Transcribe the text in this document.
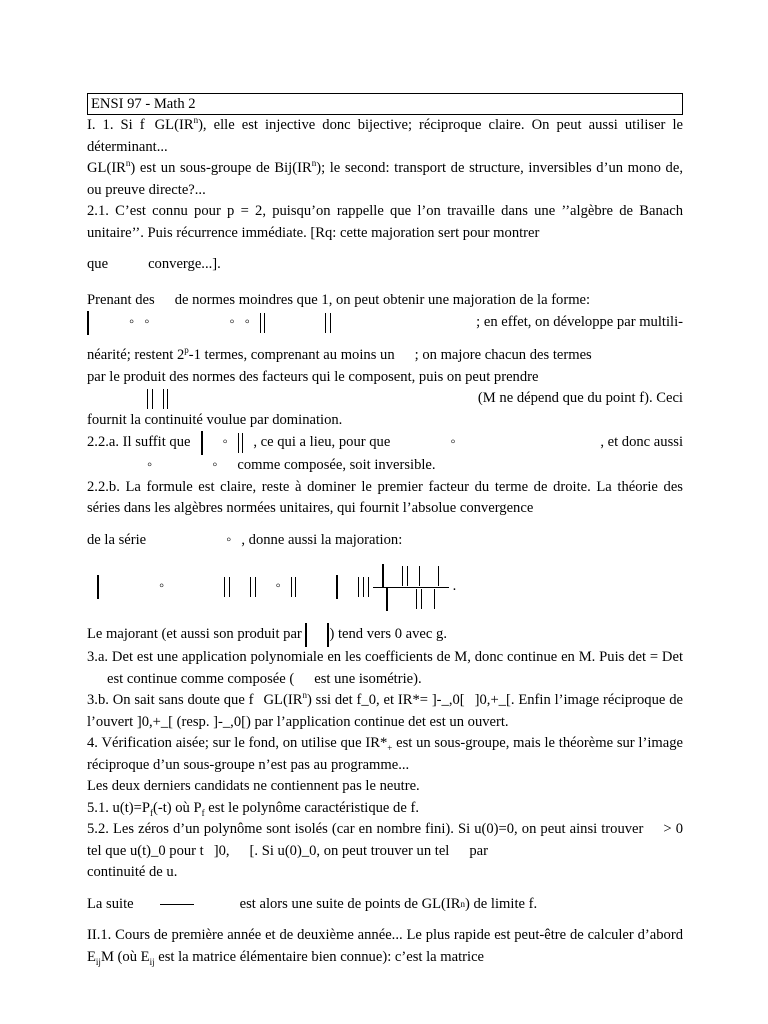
ENSI 97 - Math 2

I. 1. Si f $GL(IR^n)$, elle est injective donc bijective; réciproque claire. On peut aussi utiliser le déterminant...

$GL(IR^n)$ est un sous-groupe de $Bij(IR^n)$; le second: transport de structure, inversibles d’un mono de, ou preuve directe?...

2.1. C’est connu pour p = 2, puisqu’on rappelle que l’on travaille dans une ’’algèbre de Banach unitaire’’. Puis récurrence immédiate. [Rq: cette majoration sert pour montrer

que	converge...].

Prenant des de normes moindres que 1, on peut obtenir une majoration de la forme:

◦ ◦	◦ ◦

	; en effet, on développe par multili-

néarité; restent 2$^p$-1 termes, comprenant au moins un ; on majore chacun des termes

par le produit des normes des facteurs qui le composent, puis on peut prendre

(M ne dépend que du point f). Ceci

fournit la continuité voulue par domination.

2.2.a. Il suffit que ◦
, ce qui a lieu, pour que	◦	, et donc aussi
◦	◦ comme composée, soit inversible.

2.2.b. La formule est claire, reste à dominer le premier facteur du terme de droite. La théorie des séries dans les algèbres normées unitaires, qui fournit l’absolue convergence

de la série	◦ , donne aussi la majoration:
◦

	◦

	.
Le majorant (et aussi son produit par
) tend vers 0 avec g.

3.a. Det est une application polynomiale en les coefficients de M, donc continue en M. Puis det = Detest continue comme composée ( est une isométrie).

3.b. On sait sans doute que f $GL(IR^n)$ ssi det f_0, et IR*= ]-_,0[ ]0,+_[. Enfin l’image réciproque de l’ouvert ]0,+_[ (resp. ]-_,0[) par l’application continue det est un ouvert.

4. Vérification aisée; sur le fond, on utilise que $IR*_+$ est un sous-groupe, mais le théorème sur l’image réciproque d’un sous-groupe n’est pas au programme...

Les deux derniers candidats ne contiennent pas le neutre.

5.1. $u(t)=P_f(-t)$ où $P_f$ est le polynôme caractéristique de f.

5.2. Les zéros d’un polynôme sont isolés (car en nombre fini). Si u(0)=0, on peut ainsi trouver > 0 tel que u(t)_0 pour t ]0, [. Si u(0)_0, on peut trouver un tel par

continuité de u.

La suite	est alors une suite de points de GL(IR n ) de limite f.

II.1. Cours de première année et de deuxième année... Le plus rapide est peut-être de calculer d’abord $E_{ij}M$ (où $E_{ij}$ est la matrice élémentaire bien connue): c’est la matrice
